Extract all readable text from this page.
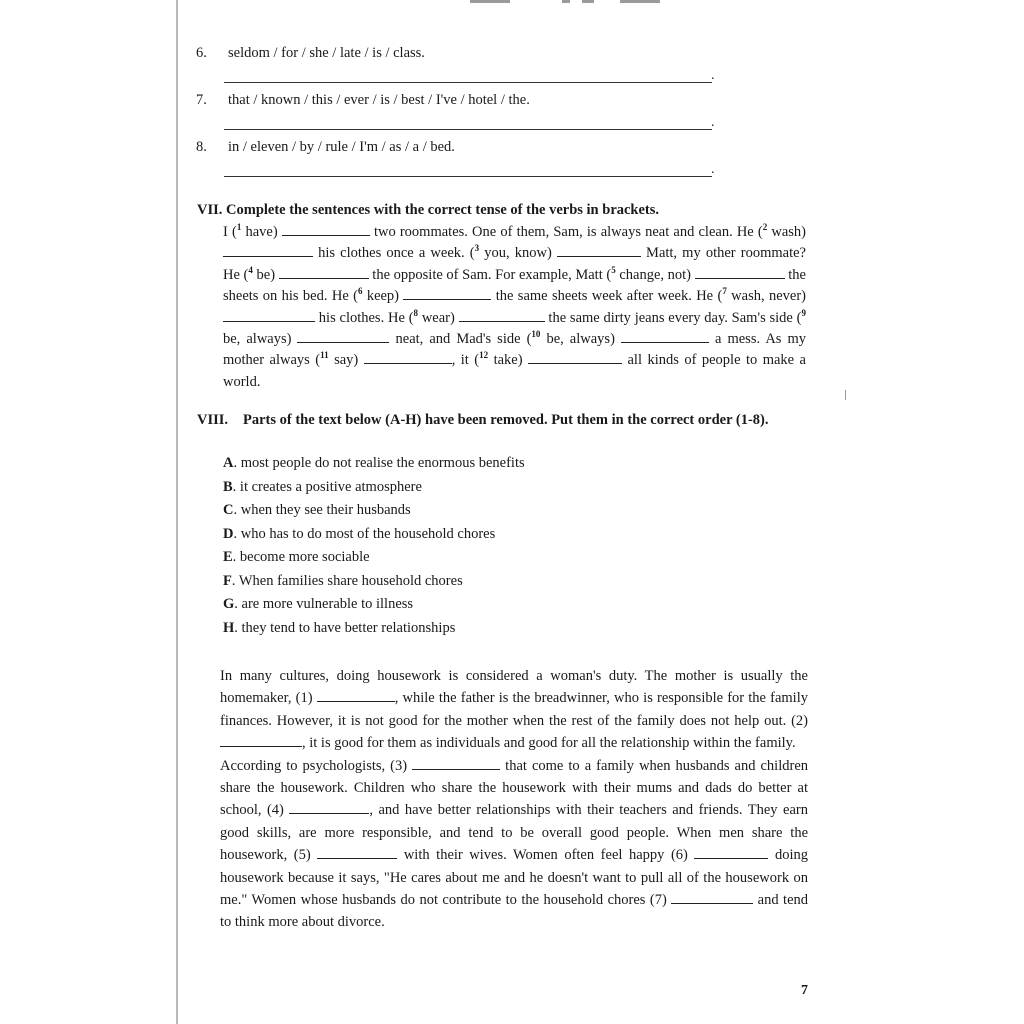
6. seldom / for / she / late / is / class.
.
7. that / known / this / ever / is / best / I've / hotel / the.
.
8. in / eleven / by / rule / I'm / as / a / bed.
.
VII. Complete the sentences with the correct tense of the verbs in brackets.
I ($^1$ have)	two roommates. One of them, Sam, is always neat and clean. He ($^2$ wash)  his clothes once a week. ($^3$ you, know)	Matt, my other roommate? He ($^4$ be)	the opposite of Sam. For example, Matt ($^5$ change, not)	the sheets on his bed. He ($^6$ keep)	the same sheets week after week. He ($^7$ wash, never)  his clothes. He ($^8$ wear)	the same dirty jeans every day. Sam's side ($^9$ be, always)	neat, and Mad's side ($^{10}$ be, always)	a mess. As my mother always ($^{11}$ say)	, it ($^{12}$ take)	all kinds of people to make a world.
VIII. Parts of the text below (A-H) have been removed. Put them in the correct order (1-8).
A. most people do not realise the enormous benefits
B. it creates a positive atmosphere
C. when they see their husbands
D. who has to do most of the household chores
E. become more sociable
F. When families share household chores
G. are more vulnerable to illness
H. they tend to have better relationships

In many cultures, doing housework is considered a woman's duty. The mother is usually the homemaker, (1)	, while the father is the breadwinner, who is responsible for the family finances. However, it is not good for the mother when the rest of the family does not help out. (2) , it is good for them as individuals and good for all the relationship within the family.

According to psychologists, (3)	that come to a family when husbands and children share the housework. Children who share the housework with their mums and dads do better at school, (4)	, and have better relationships with their teachers and friends. They earn good skills, are more responsible, and tend to be overall good people. When men share the housework, (5)	with their wives. Women often feel happy (6)	doing housework because it says, "He cares about me and he doesn't want to pull all of the housework on me." Women whose husbands do not contribute to the household chores (7)	and tend to think more about divorce.

7
